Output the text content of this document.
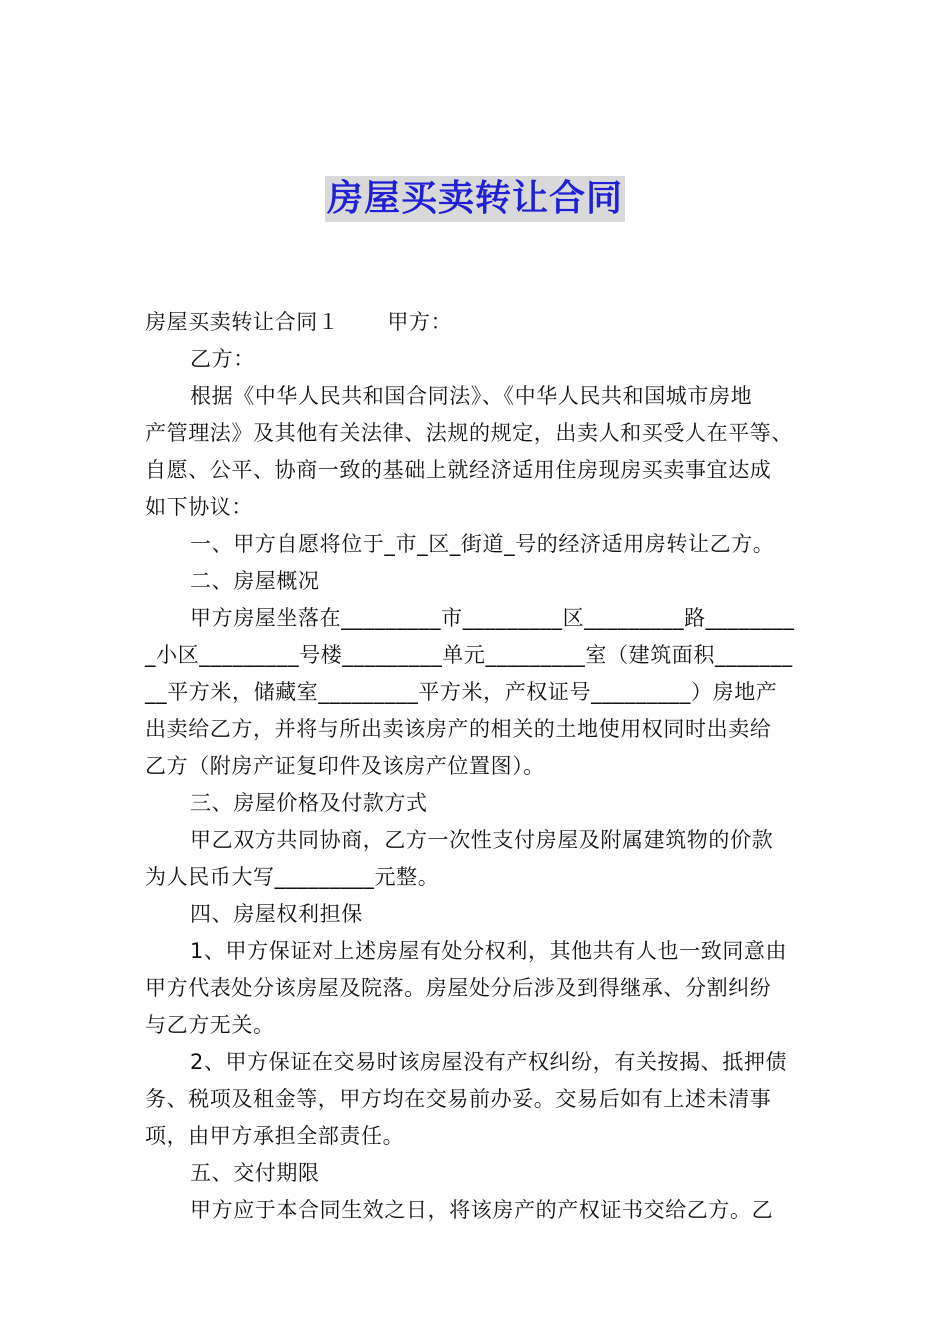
房屋买卖转让合同
房屋买卖转让合同１ 甲方：
乙方：
根据《中华人民共和国合同法》、《中华人民共和国城市房地
产管理法》及其他有关法律、法规的规定，出卖人和买受人在平等、
自愿、公平、协商一致的基础上就经济适用住房现房买卖事宜达成
如下协议：
一、甲方自愿将位于_市_区_街道_号的经济适用房转让乙方。
二、房屋概况
甲方房屋坐落在_________市_________区_________路________
_小区_________号楼_________单元_________室（建筑面积_______
__平方米，储藏室_________平方米，产权证号_________）房地产
出卖给乙方，并将与所出卖该房产的相关的土地使用权同时出卖给
乙方（附房产证复印件及该房产位置图）。
三、房屋价格及付款方式
甲乙双方共同协商，乙方一次性支付房屋及附属建筑物的价款
为人民币大写_________元整。
四、房屋权利担保
1、甲方保证对上述房屋有处分权利，其他共有人也一致同意由
甲方代表处分该房屋及院落。房屋处分后涉及到得继承、分割纠纷
与乙方无关。
2、甲方保证在交易时该房屋没有产权纠纷，有关按揭、抵押债
务、税项及租金等，甲方均在交易前办妥。交易后如有上述未清事
项，由甲方承担全部责任。
五、交付期限
甲方应于本合同生效之日，将该房产的产权证书交给乙方。乙
